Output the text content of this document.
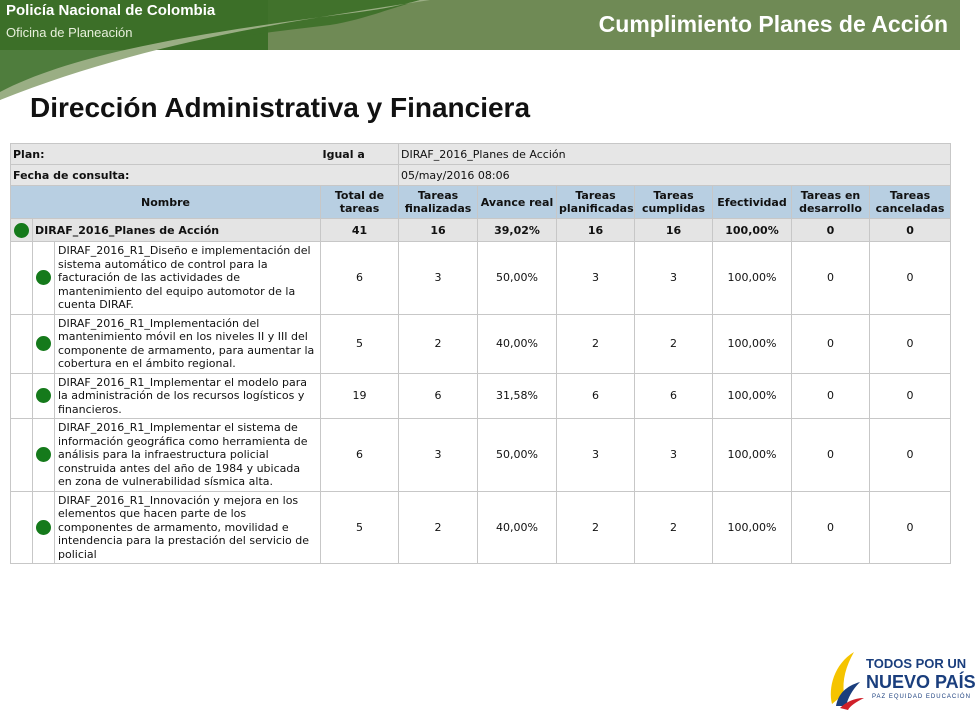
Policía Nacional de Colombia
Oficina de Planeación	Cumplimiento Planes de Acción
Dirección Administrativa y Financiera
Plan:			Igual a	DIRAF_2016_Planes de Acción						
Fecha de consulta:				05/may/2016 08:06						
Nombre			Total de tareas	Tareas finalizadas	Avance real	Tareas planificadas	Tareas cumplidas	Efectividad	Tareas en desarrollo	Tareas canceladas
	DIRAF_2016_Planes de Acción		41	16	39,02%	16	16	100,00%	0	0
		DIRAF_2016_R1_Diseño e implementación del sistema automático de control para la facturación de las actividades de mantenimiento del equipo automotor de la cuenta DIRAF.	6	3	50,00%	3	3	100,00%	0	0
		DIRAF_2016_R1_Implementación del mantenimiento móvil en los niveles II y III del componente de armamento, para aumentar la cobertura en el ámbito regional.	5	2	40,00%	2	2	100,00%	0	0
		DIRAF_2016_R1_Implementar el modelo para la administración de los recursos logísticos y financieros.	19	6	31,58%	6	6	100,00%	0	0
		DIRAF_2016_R1_Implementar el sistema de información geográfica como herramienta de análisis para la infraestructura policial construida antes del año de 1984 y ubicada en zona de vulnerabilidad sísmica alta.	6	3	50,00%	3	3	100,00%	0	0
		DIRAF_2016_R1_Innovación y mejora en los elementos que hacen parte de los componentes de armamento, movilidad e intendencia para la prestación del servicio de policial	5	2	40,00%	2	2	100,00%	0	0
TODOS POR UN
NUEVO PAÍS
PAZ EQUIDAD EDUCACIÓN
